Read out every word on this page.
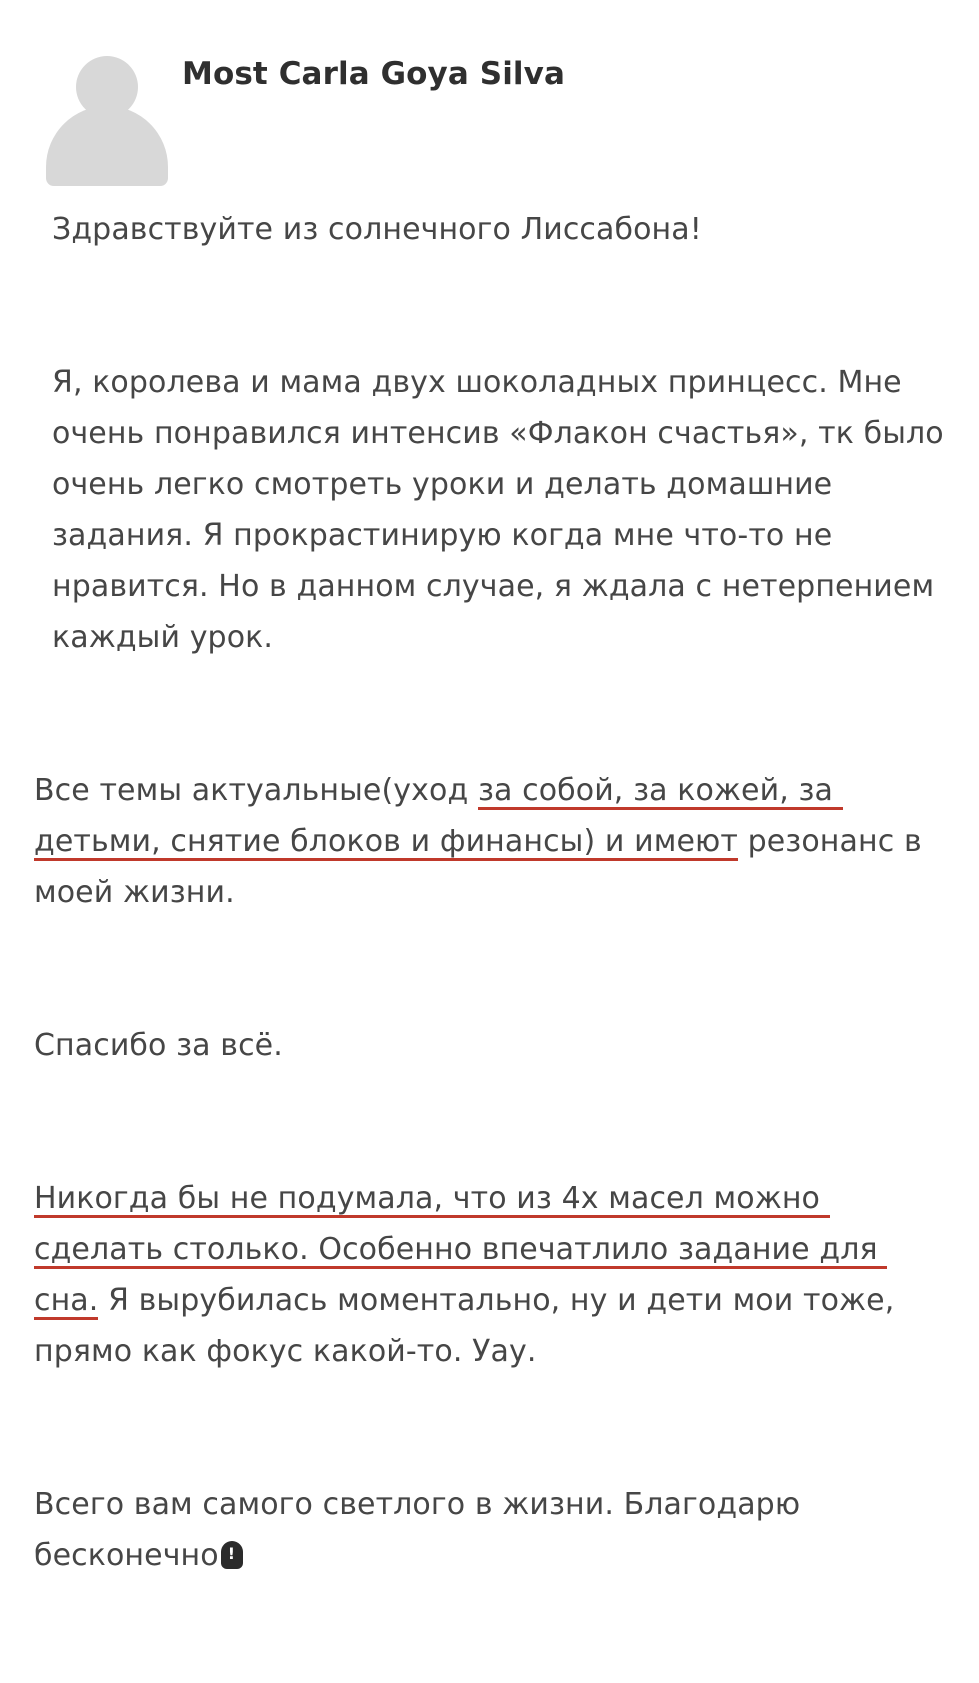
Most Carla Goya Silva

Здравствуйте из солнечного Лиссабона!

Я, королева и мама двух шоколадных принцесс. Мне очень понравился интенсив «Флакон счастья», тк было очень легко смотреть уроки и делать домашние задания. Я прокрастинирую когда мне что-то не нравится. Но в данном случае, я ждала с нетерпением каждый урок.

Все темы актуальные(уход за собой, за кожей, за детьми, снятие блоков и финансы) и имеют резонанс в моей жизни.

Спасибо за всё.

Никогда бы не подумала, что из 4х масел можно сделать столько. Особенно впечатлило задание для сна. Я вырубилась моментально, ну и дети мои тоже, прямо как фокус какой-то. Уау.

Всего вам самого светлого в жизни. Благодарю бесконечно !
